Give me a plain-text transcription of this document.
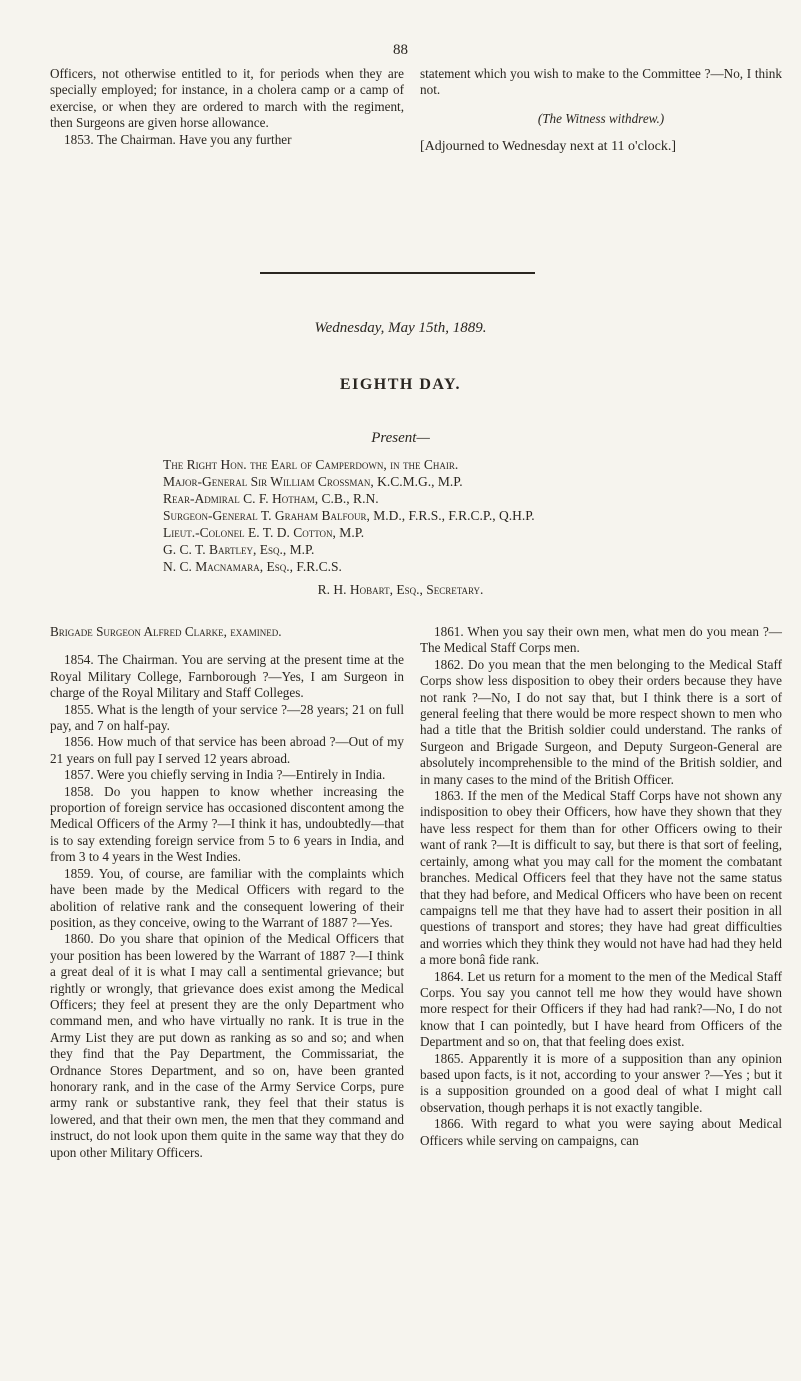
88

Officers, not otherwise entitled to it, for periods when they are specially employed; for instance, in a cholera camp or a camp of exercise, or when they are ordered to march with the regiment, then Surgeons are given horse allowance.

1853. The Chairman. Have you any further

statement which you wish to make to the Committee ?—No, I think not.

(The Witness withdrew.)

[Adjourned to Wednesday next at 11 o'clock.]

Wednesday, May 15th, 1889.
EIGHTH DAY.
Present—
The Right Hon. the Earl of Camperdown, in the Chair.
Major-General Sir William Crossman, K.C.M.G., M.P.
Rear-Admiral C. F. Hotham, C.B., R.N.
Surgeon-General T. Graham Balfour, M.D., F.R.S., F.R.C.P., Q.H.P.
Lieut.-Colonel E. T. D. Cotton, M.P.
G. C. T. Bartley, Esq., M.P.
N. C. Macnamara, Esq., F.R.C.S.
R. H. Hobart, Esq., Secretary.

Brigade Surgeon Alfred Clarke, examined.

1854. The Chairman. You are serving at the present time at the Royal Military College, Farnborough ?—Yes, I am Surgeon in charge of the Royal Military and Staff Colleges.

1855. What is the length of your service ?—28 years; 21 on full pay, and 7 on half-pay.

1856. How much of that service has been abroad ?—Out of my 21 years on full pay I served 12 years abroad.

1857. Were you chiefly serving in India ?—Entirely in India.

1858. Do you happen to know whether increasing the proportion of foreign service has occasioned discontent among the Medical Officers of the Army ?—I think it has, undoubtedly—that is to say extending foreign service from 5 to 6 years in India, and from 3 to 4 years in the West Indies.

1859. You, of course, are familiar with the complaints which have been made by the Medical Officers with regard to the abolition of relative rank and the consequent lowering of their position, as they conceive, owing to the Warrant of 1887 ?—Yes.

1860. Do you share that opinion of the Medical Officers that your position has been lowered by the Warrant of 1887 ?—I think a great deal of it is what I may call a sentimental grievance; but rightly or wrongly, that grievance does exist among the Medical Officers; they feel at present they are the only Department who command men, and who have virtually no rank. It is true in the Army List they are put down as ranking as so and so; and when they find that the Pay Department, the Commissariat, the Ordnance Stores Department, and so on, have been granted honorary rank, and in the case of the Army Service Corps, pure army rank or substantive rank, they feel that their status is lowered, and that their own men, the men that they command and instruct, do not look upon them quite in the same way that they do upon other Military Officers.

1861. When you say their own men, what men do you mean ?—The Medical Staff Corps men.

1862. Do you mean that the men belonging to the Medical Staff Corps show less disposition to obey their orders because they have not rank ?—No, I do not say that, but I think there is a sort of general feeling that there would be more respect shown to men who had a title that the British soldier could understand. The ranks of Surgeon and Brigade Surgeon, and Deputy Surgeon-General are absolutely incomprehensible to the mind of the British soldier, and in many cases to the mind of the British Officer.

1863. If the men of the Medical Staff Corps have not shown any indisposition to obey their Officers, how have they shown that they have less respect for them than for other Officers owing to their want of rank ?—It is difficult to say, but there is that sort of feeling, certainly, among what you may call for the moment the combatant branches. Medical Officers feel that they have not the same status that they had before, and Medical Officers who have been on recent campaigns tell me that they have had to assert their position in all questions of transport and stores; they have had great difficulties and worries which they think they would not have had had they held a more bonâ fide rank.

1864. Let us return for a moment to the men of the Medical Staff Corps. You say you cannot tell me how they would have shown more respect for their Officers if they had had rank?—No, I do not know that I can pointedly, but I have heard from Officers of the Department and so on, that that feeling does exist.

1865. Apparently it is more of a supposition than any opinion based upon facts, is it not, according to your answer ?—Yes ; but it is a supposition grounded on a good deal of what I might call observation, though perhaps it is not exactly tangible.

1866. With regard to what you were saying about Medical Officers while serving on campaigns, can
